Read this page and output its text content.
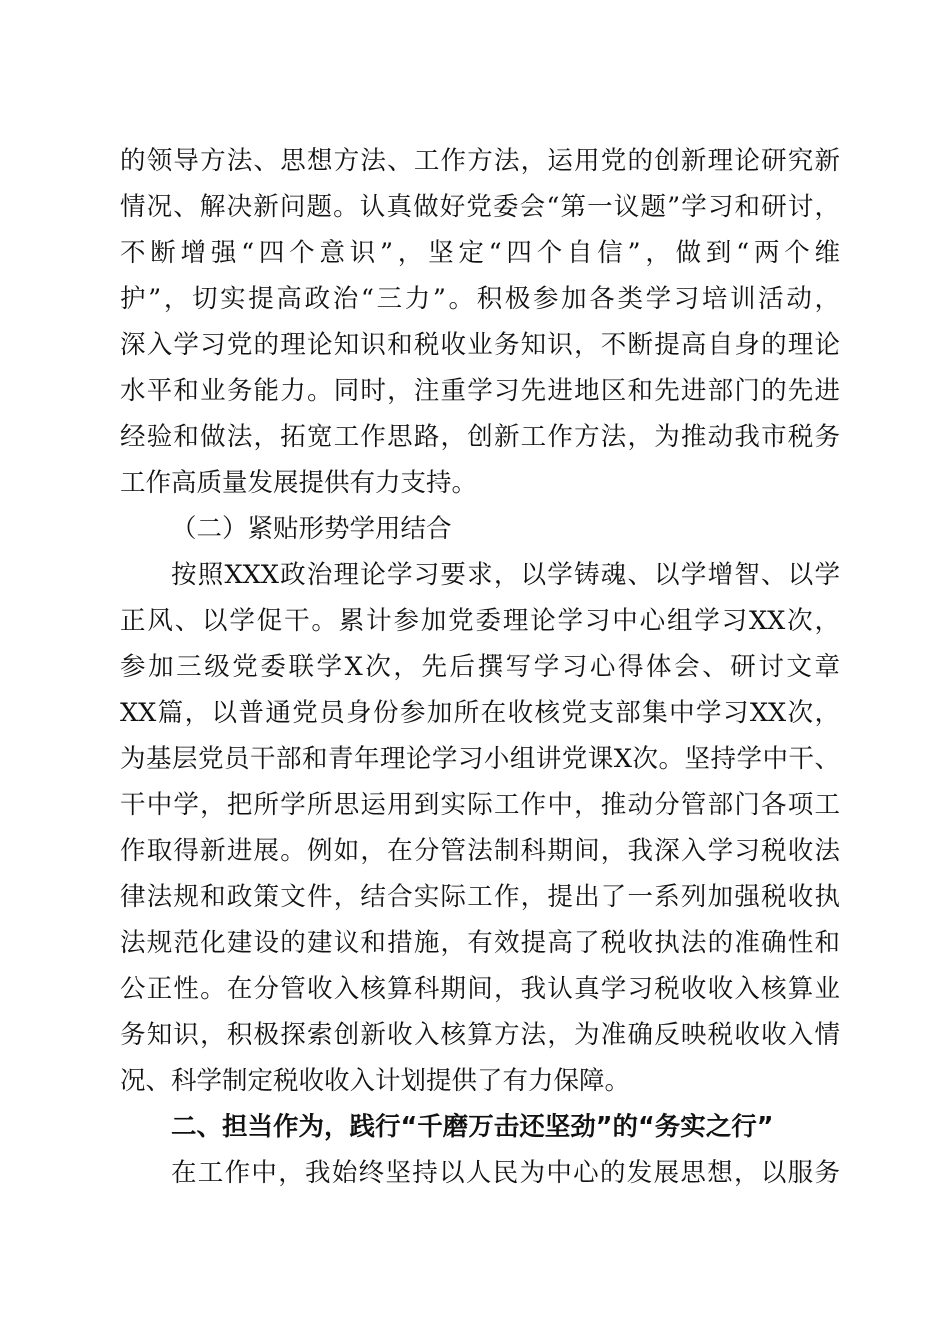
的领导方法、思想方法、工作方法，运用党的创新理论研究新
情况、解决新问题。认真做好党委会“第一议题”学习和研讨，
不断增强“四个意识”，坚定“四个自信”，做到“两个维
护”，切实提高政治“三力”。积极参加各类学习培训活动，
深入学习党的理论知识和税收业务知识，不断提高自身的理论
水平和业务能力。同时，注重学习先进地区和先进部门的先进
经验和做法，拓宽工作思路，创新工作方法，为推动我市税务
工作高质量发展提供有力支持。
（二）紧贴形势学用结合
按照XXX政治理论学习要求，以学铸魂、以学增智、以学
正风、以学促干。累计参加党委理论学习中心组学习XX次，
参加三级党委联学X次，先后撰写学习心得体会、研讨文章
XX篇，以普通党员身份参加所在收核党支部集中学习XX次，
为基层党员干部和青年理论学习小组讲党课X次。坚持学中干、
干中学，把所学所思运用到实际工作中，推动分管部门各项工
作取得新进展。例如，在分管法制科期间，我深入学习税收法
律法规和政策文件，结合实际工作，提出了一系列加强税收执
法规范化建设的建议和措施，有效提高了税收执法的准确性和
公正性。在分管收入核算科期间，我认真学习税收收入核算业
务知识，积极探索创新收入核算方法，为准确反映税收收入情
况、科学制定税收收入计划提供了有力保障。
二、担当作为，践行“千磨万击还坚劲”的“务实之行”
在工作中，我始终坚持以人民为中心的发展思想，以服务
